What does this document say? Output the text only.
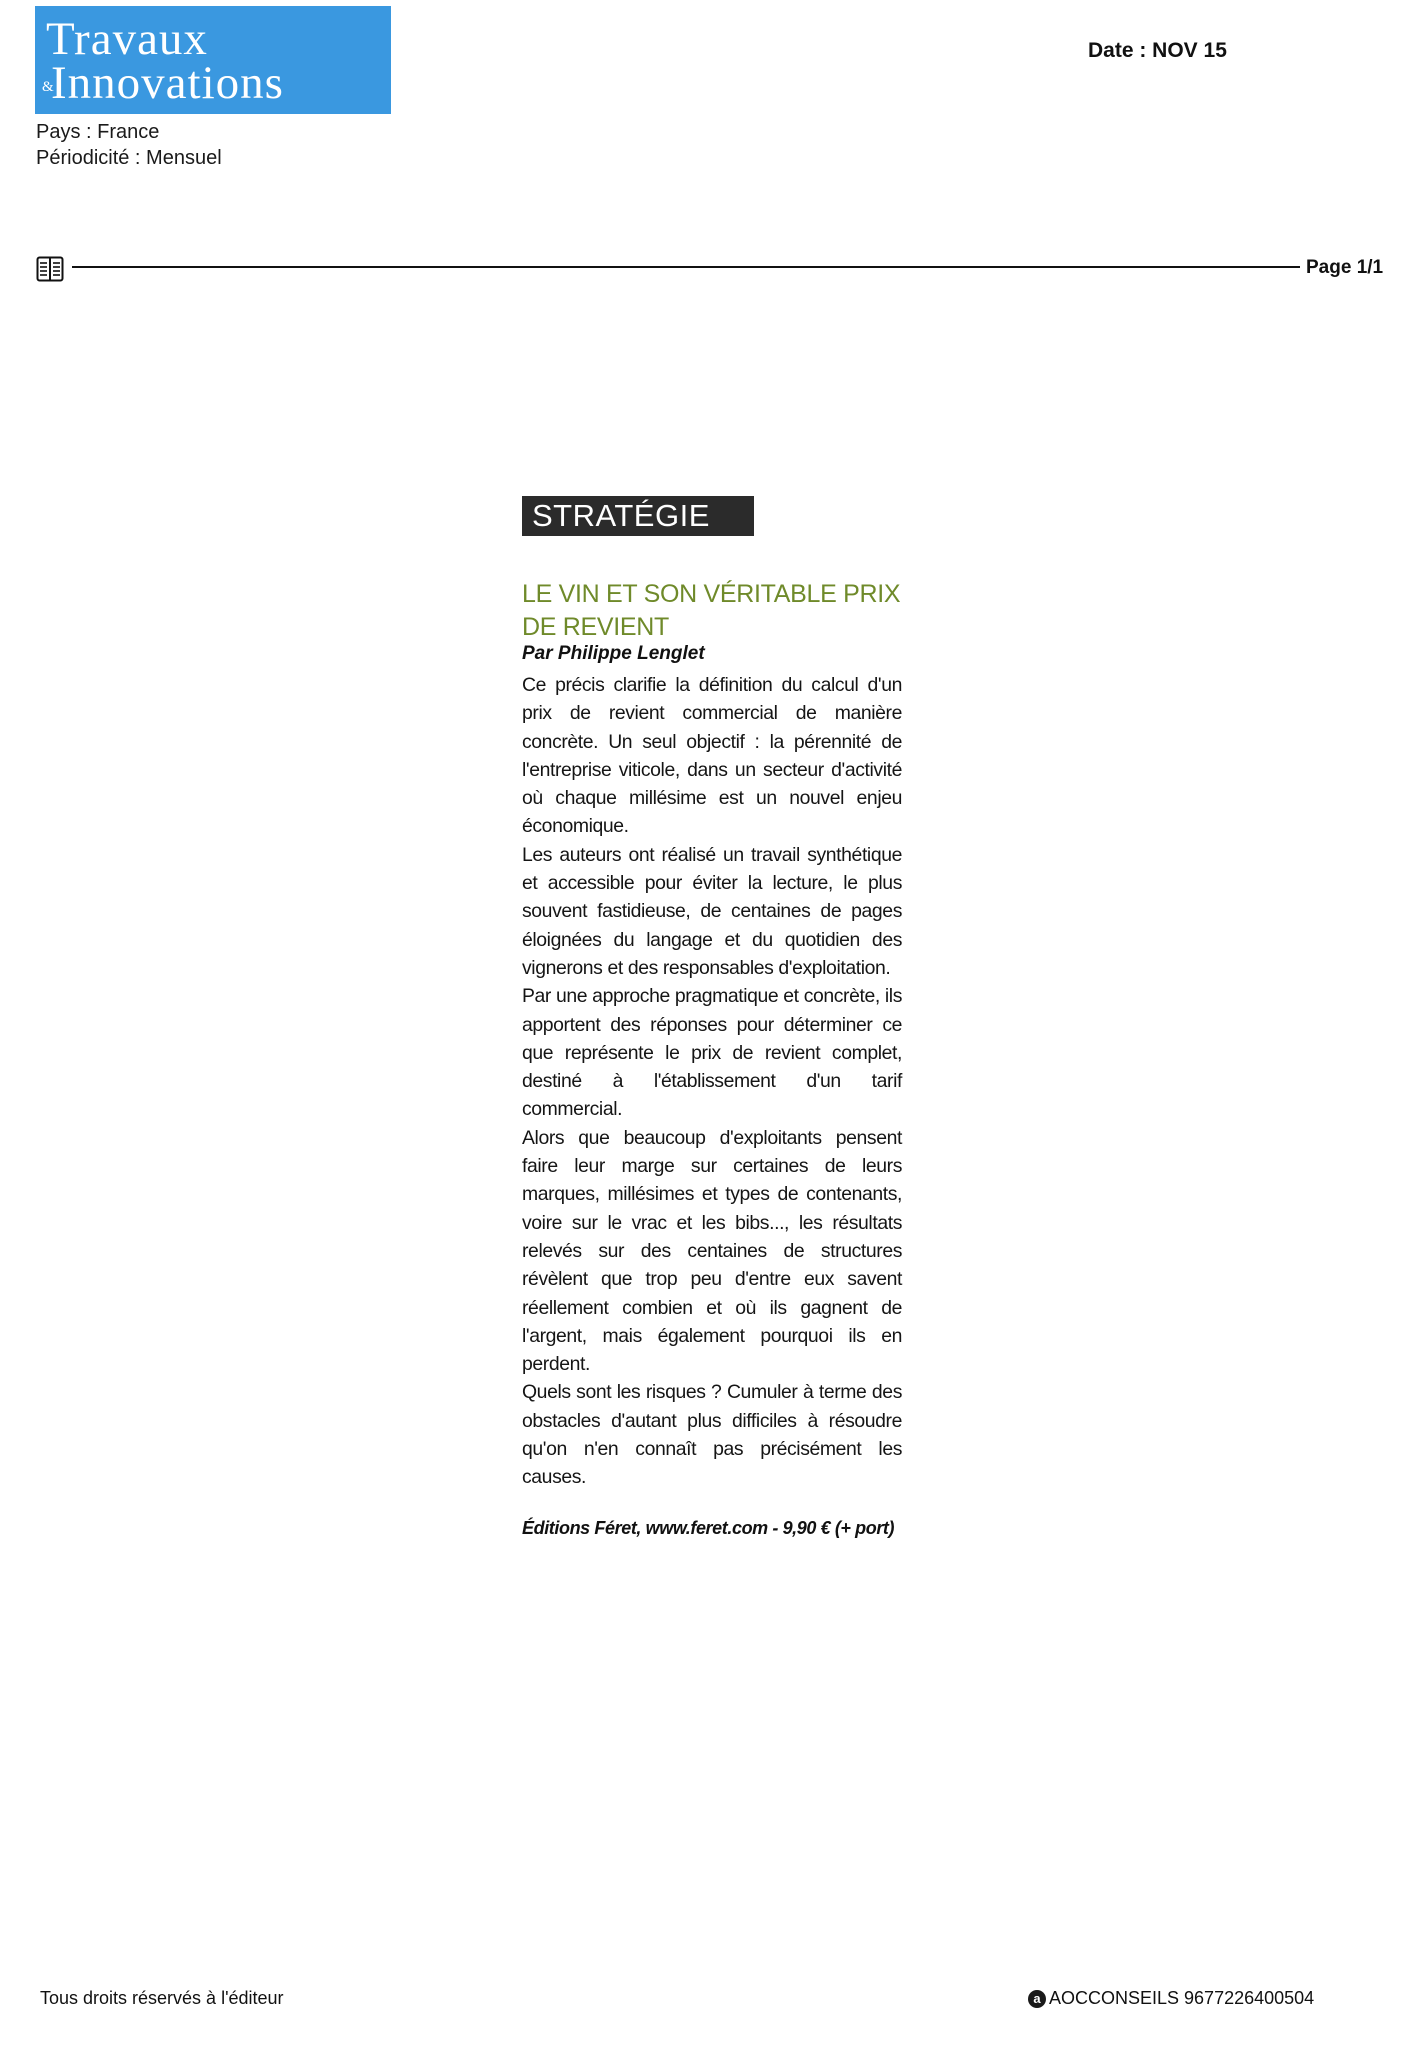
Travaux
&
Innovations
Pays : France
Périodicité : Mensuel
Date : NOV 15
Page 1/1
STRATÉGIE
LE VIN ET SON VÉRITABLE PRIX DE REVIENT
Par Philippe Lenglet

Ce précis clarifie la définition du calcul d'un prix de revient commercial de manière concrète. Un seul objectif : la pérennité de l'entreprise viticole, dans un secteur d'activité où chaque millésime est un nouvel enjeu économique.

Les auteurs ont réalisé un travail synthétique et accessible pour éviter la lecture, le plus souvent fastidieuse, de centaines de pages éloignées du langage et du quotidien des vignerons et des responsables d'exploitation.

Par une approche pragmatique et concrète, ils apportent des réponses pour déterminer ce que représente le prix de revient complet, destiné à l'établissement d'un tarif commercial.

Alors que beaucoup d'exploitants pensent faire leur marge sur certaines de leurs marques, millésimes et types de contenants, voire sur le vrac et les bibs..., les résultats relevés sur des centaines de structures révèlent que trop peu d'entre eux savent réellement combien et où ils gagnent de l'argent, mais également pourquoi ils en perdent.

Quels sont les risques ? Cumuler à terme des obstacles d'autant plus difficiles à résoudre qu'on n'en connaît pas précisément les causes.

Éditions Féret, www.feret.com - 9,90 € (+ port)
Tous droits réservés à l'éditeur	a AOCCONSEILS 9677226400504
